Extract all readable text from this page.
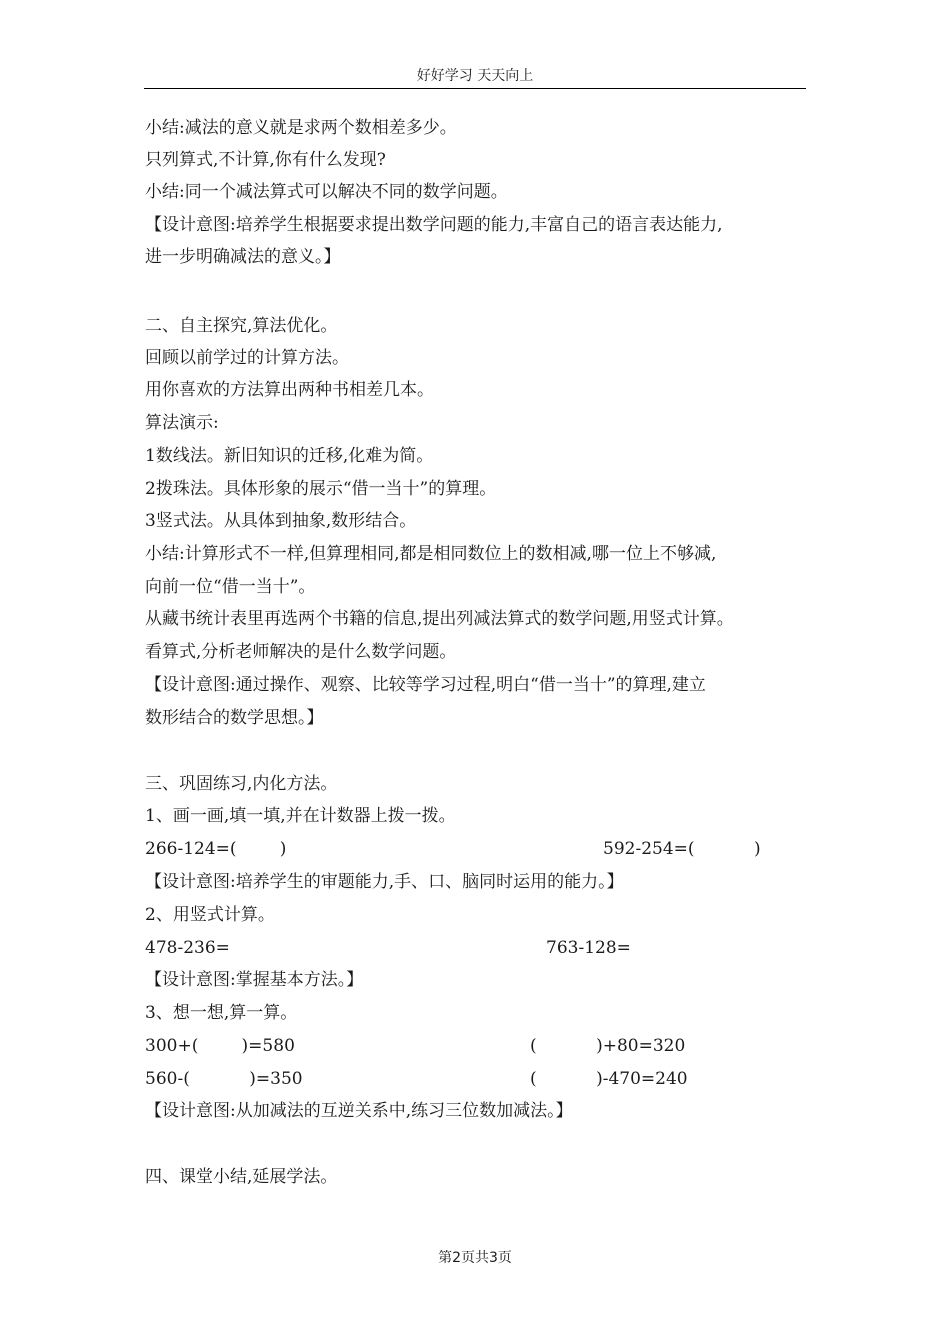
好好学习 天天向上
小结:减法的意义就是求两个数相差多少。
只列算式,不计算,你有什么发现?
小结:同一个减法算式可以解决不同的数学问题。
【设计意图:培养学生根据要求提出数学问题的能力,丰富自己的语言表达能力,
进一步明确减法的意义。】
二、自主探究,算法优化。
回顾以前学过的计算方法。
用你喜欢的方法算出两种书相差几本。
算法演示:
1数线法。新旧知识的迁移,化难为简。
2拨珠法。具体形象的展示“借一当十”的算理。
3竖式法。从具体到抽象,数形结合。
小结:计算形式不一样,但算理相同,都是相同数位上的数相减,哪一位上不够减,
向前一位“借一当十”。
从藏书统计表里再选两个书籍的信息,提出列减法算式的数学问题,用竖式计算。
看算式,分析老师解决的是什么数学问题。
【设计意图:通过操作、观察、比较等学习过程,明白“借一当十”的算理,建立
数形结合的数学思想。】
三、巩固练习,内化方法。
1、画一画,填一填,并在计数器上拨一拨。
266-124=(        )	592-254=(           )
【设计意图:培养学生的审题能力,手、口、脑同时运用的能力。】
2、用竖式计算。
478-236=	763-128=
【设计意图:掌握基本方法。】
3、想一想,算一算。
300+(        )=580	(           )+80=320
560-(           )=350	(           )-470=240
【设计意图:从加减法的互逆关系中,练习三位数加减法。】
四、课堂小结,延展学法。
第2页共3页
